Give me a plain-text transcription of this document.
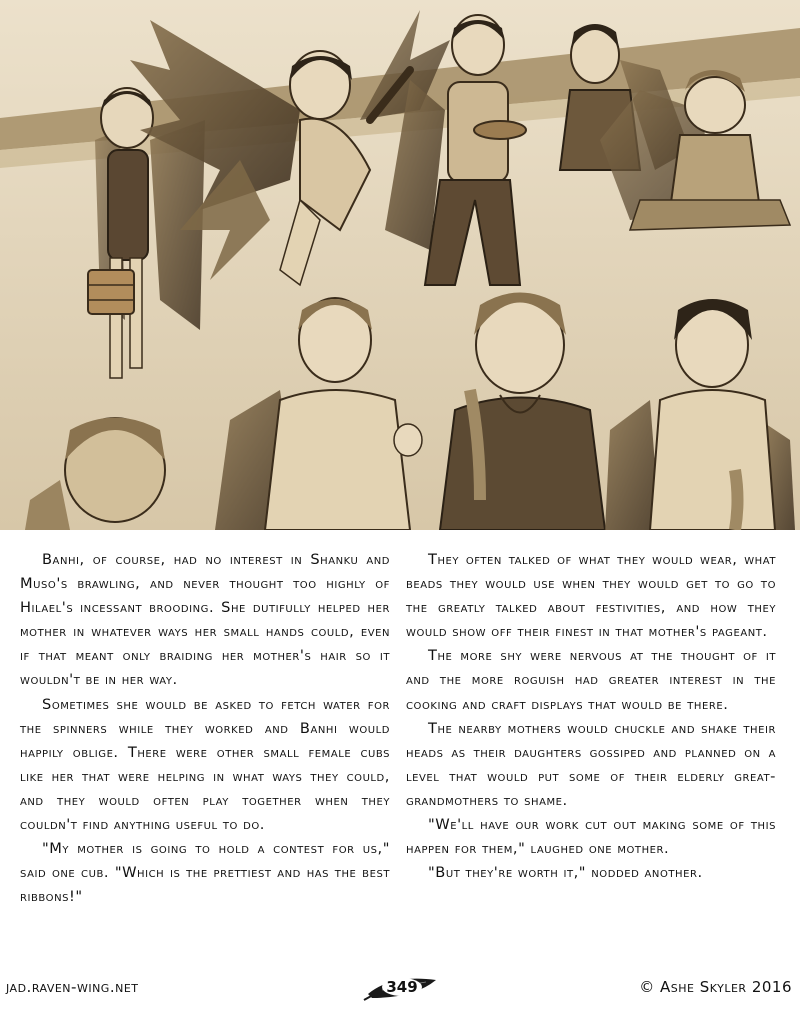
Banhi, of course, had no interest in Shanku and Muso's brawling, and never thought too highly of Hilael's incessant brooding. She dutifully helped her mother in whatever ways her small hands could, even if that meant only braiding her mother's hair so it wouldn't be in her way.

Sometimes she would be asked to fetch water for the spinners while they worked and Banhi would happily oblige. There were other small female cubs like her that were helping in what ways they could, and they would often play together when they couldn't find anything useful to do.

"My mother is going to hold a contest for us," said one cub. "Which is the prettiest and has the best ribbons!"

They often talked of what they would wear, what beads they would use when they would get to go to the greatly talked about festivities, and how they would show off their finest in that mother's pageant.

The more shy were nervous at the thought of it and the more roguish had greater interest in the cooking and craft displays that would be there.

The nearby mothers would chuckle and shake their heads as their daughters gossiped and planned on a level that would put some of their elderly great-grandmothers to shame.

"We'll have our work cut out making some of this happen for them," laughed one mother.

"But they're worth it," nodded another.

jad.raven-wing.net	349	© Ashe Skyler 2016
